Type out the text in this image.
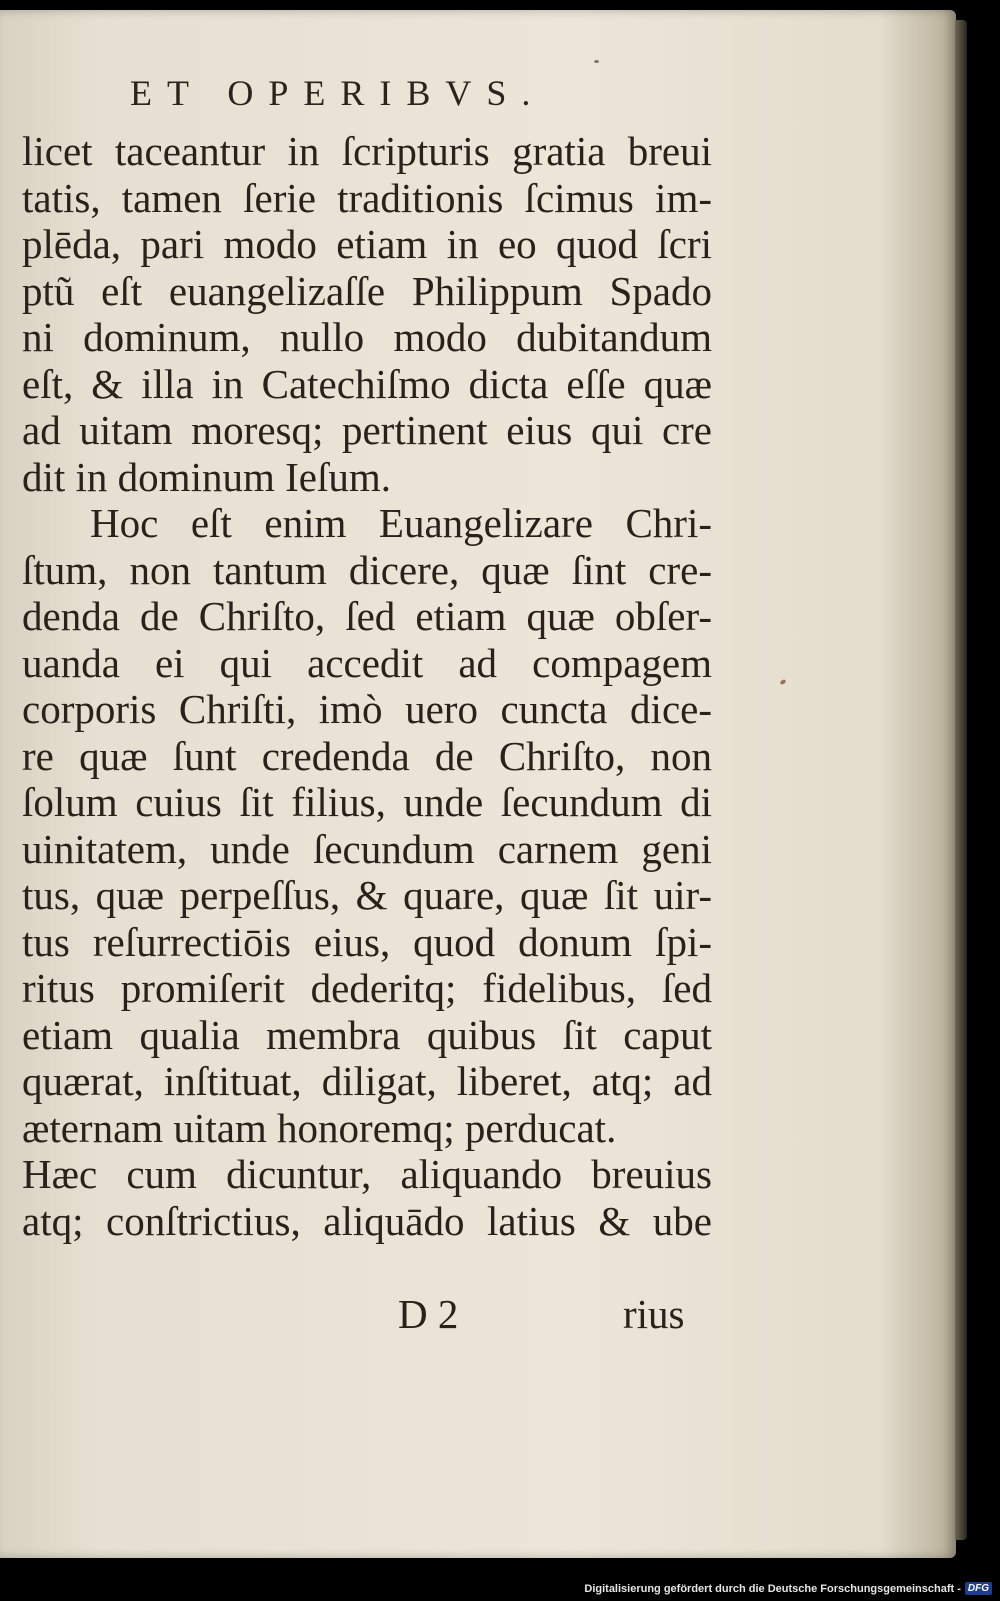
ET OPERIBVS.
licet taceantur in ſcripturis gratia breui
tatis, tamen ſerie traditionis ſcimus im-
plēda, pari modo etiam in eo quod ſcri
ptũ eſt euangelizaſſe Philippum Spado
ni dominum, nullo modo dubitandum
eſt, & illa in Catechiſmo dicta eſſe quæ
ad uitam moresq; pertinent eius qui cre
dit in dominum Ieſum.
Hoc eſt enim Euangelizare Chri-
ſtum, non tantum dicere, quæ ſint cre-
denda de Chriſto, ſed etiam quæ obſer-
uanda ei qui accedit ad compagem
corporis Chriſti, imò uero cuncta dice-
re quæ ſunt credenda de Chriſto, non
ſolum cuius ſit filius, unde ſecundum di
uinitatem, unde ſecundum carnem geni
tus, quæ perpeſſus, & quare, quæ ſit uir-
tus reſurrectiōis eius, quod donum ſpi-
ritus promiſerit dederitq; fidelibus, ſed
etiam qualia membra quibus ſit caput
quærat, inſtituat, diligat, liberet, atq; ad
æternam uitam honoremq; perducat.
Hæc cum dicuntur, aliquando breuius
atq; conſtrictius, aliquādo latius & ube
D 2	rius
Digitalisierung gefördert durch die Deutsche Forschungsgemeinschaft - DFG
